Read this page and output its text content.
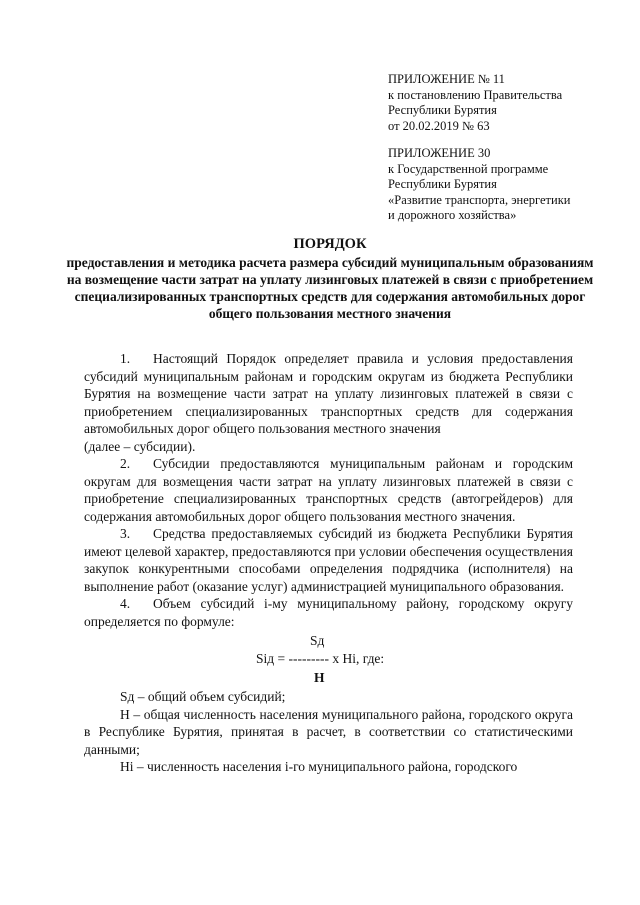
ПРИЛОЖЕНИЕ № 11
к постановлению Правительства
Республики Бурятия
от 20.02.2019 № 63
ПРИЛОЖЕНИЕ 30
к Государственной программе
Республики Бурятия
«Развитие транспорта, энергетики
и дорожного хозяйства»
ПОРЯДОК
предоставления и методика расчета размера субсидий муниципальным образованиям на возмещение части затрат на уплату лизинговых платежей в связи с приобретением специализированных транспортных средств для содержания автомобильных дорог общего пользования местного значения

1. Настоящий Порядок определяет правила и условия предоставления субсидий муниципальным районам и городским округам из бюджета Республики Бурятия на возмещение части затрат на уплату лизинговых платежей в связи с приобретением специализированных транспортных средств для содержания автомобильных дорог общего пользования местного значения

(далее – субсидии).

2. Субсидии предоставляются муниципальным районам и городским округам для возмещения части затрат на уплату лизинговых платежей в связи с приобретение специализированных транспортных средств (автогрейдеров) для содержания автомобильных дорог общего пользования местного значения.

3. Средства предоставляемых субсидий из бюджета Республики Бурятия имеют целевой характер, предоставляются при условии обеспечения осуществления закупок конкурентными способами определения подрядчика (исполнителя) на выполнение работ (оказание услуг) администрацией муниципального образования.

4. Объем субсидий i-му муниципальному району, городскому округу определяется по формуле:

Sд
Siд = --------- х Hi, где:
Н

Sд – общий объем субсидий;

Н – общая численность населения муниципального района, городского округа в Республике Бурятия, принятая в расчет, в соответствии со статистическими данными;

Hi – численность населения i-го муниципального района, городского
